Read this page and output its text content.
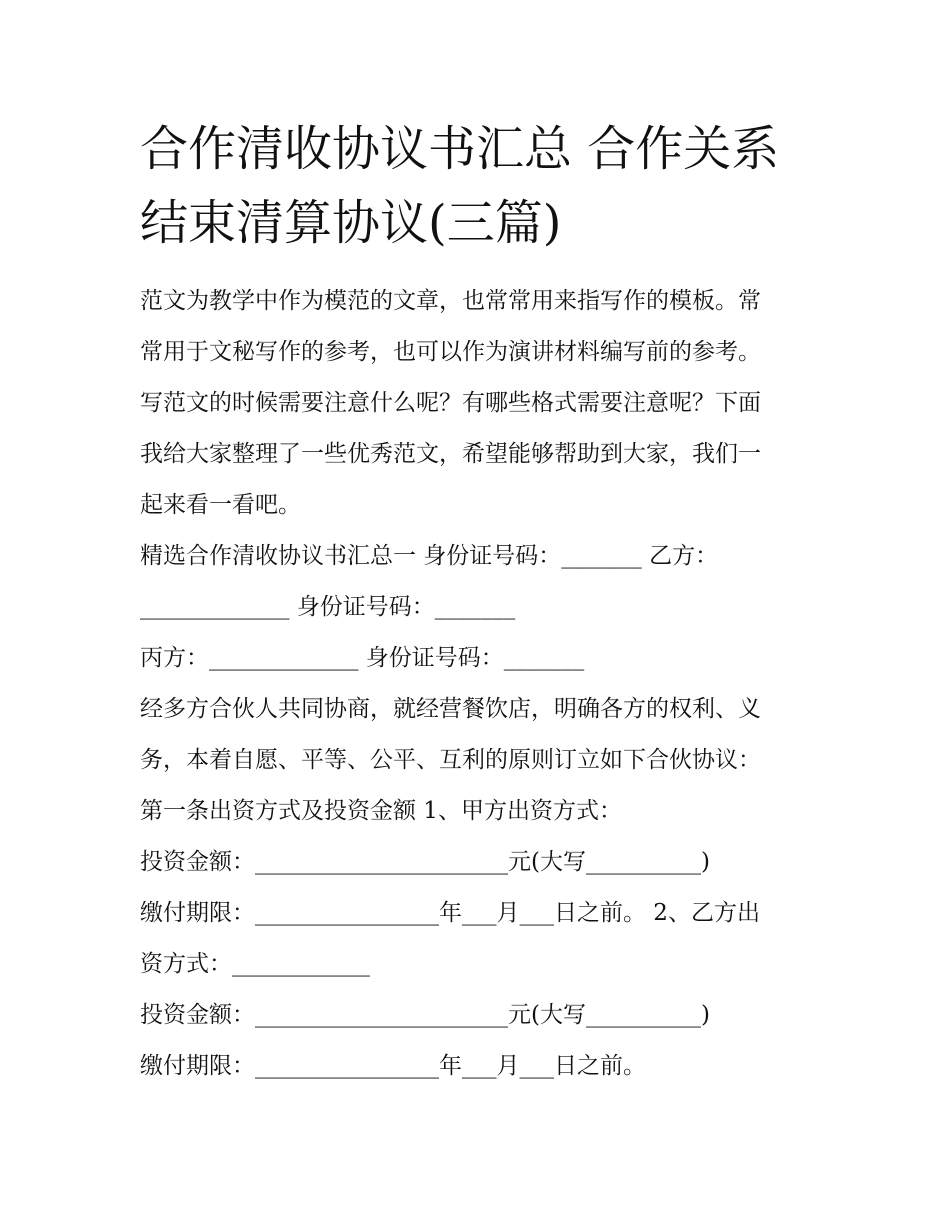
合作清收协议书汇总 合作关系
结束清算协议(三篇)

范文为教学中作为模范的文章，也常常用来指写作的模板。常

常用于文秘写作的参考，也可以作为演讲材料编写前的参考。

写范文的时候需要注意什么呢？有哪些格式需要注意呢？下面

我给大家整理了一些优秀范文，希望能够帮助到大家，我们一

起来看一看吧。

精选合作清收协议书汇总一 身份证号码：_______ 乙方：

_____________ 身份证号码：_______

丙方：_____________ 身份证号码：_______

经多方合伙人共同协商，就经营餐饮店，明确各方的权利、义

务，本着自愿、平等、公平、互利的原则订立如下合伙协议：

第一条出资方式及投资金额 1、甲方出资方式：

投资金额：______________________元(大写__________)

缴付期限：________________年___月___日之前。 2、乙方出

资方式：____________

投资金额：______________________元(大写__________)

缴付期限：________________年___月___日之前。
